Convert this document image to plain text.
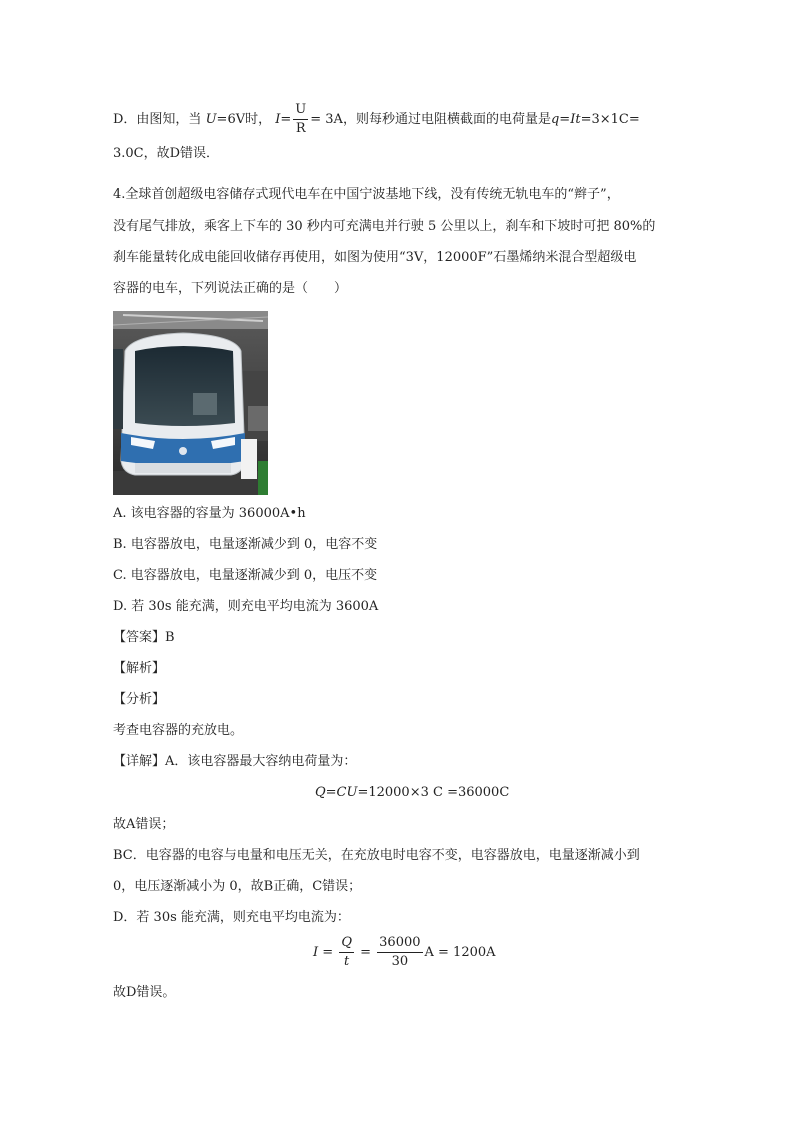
D．由图知，当 U=6V时， $I= \frac{U}{R} = 3A$，则每秒通过电阻横截面的电荷量是q=It=3×1C=
3.0C，故D错误．
4.全球首创超级电容储存式现代电车在中国宁波基地下线，没有传统无轨电车的“辫子”，
没有尾气排放，乘客上下车的 30 秒内可充满电并行驶 5 公里以上，刹车和下坡时可把 80%的
刹车能量转化成电能回收储存再使用，如图为使用“3V，12000F”石墨烯纳米混合型超级电
容器的电车，下列说法正确的是（　　）
A. 该电容器的容量为 36000A•h
B. 电容器放电，电量逐渐减少到 0，电容不变
C. 电容器放电，电量逐渐减少到 0，电压不变
D. 若 30s 能充满，则充电平均电流为 3600A
【答案】B
【解析】
【分析】
考查电容器的充放电。
【详解】A．该电容器最大容纳电荷量为：
Q=CU=12000×3 C =36000C
故A错误；
BC．电容器的电容与电量和电压无关，在充放电时电容不变，电容器放电，电量逐渐减小到
0，电压逐渐减小为 0，故B正确，C错误；
D．若 30s 能充满，则充电平均电流为：
$I = \frac{Q}{t} = \frac{36000}{30}$ A = 1200A
故D错误。
